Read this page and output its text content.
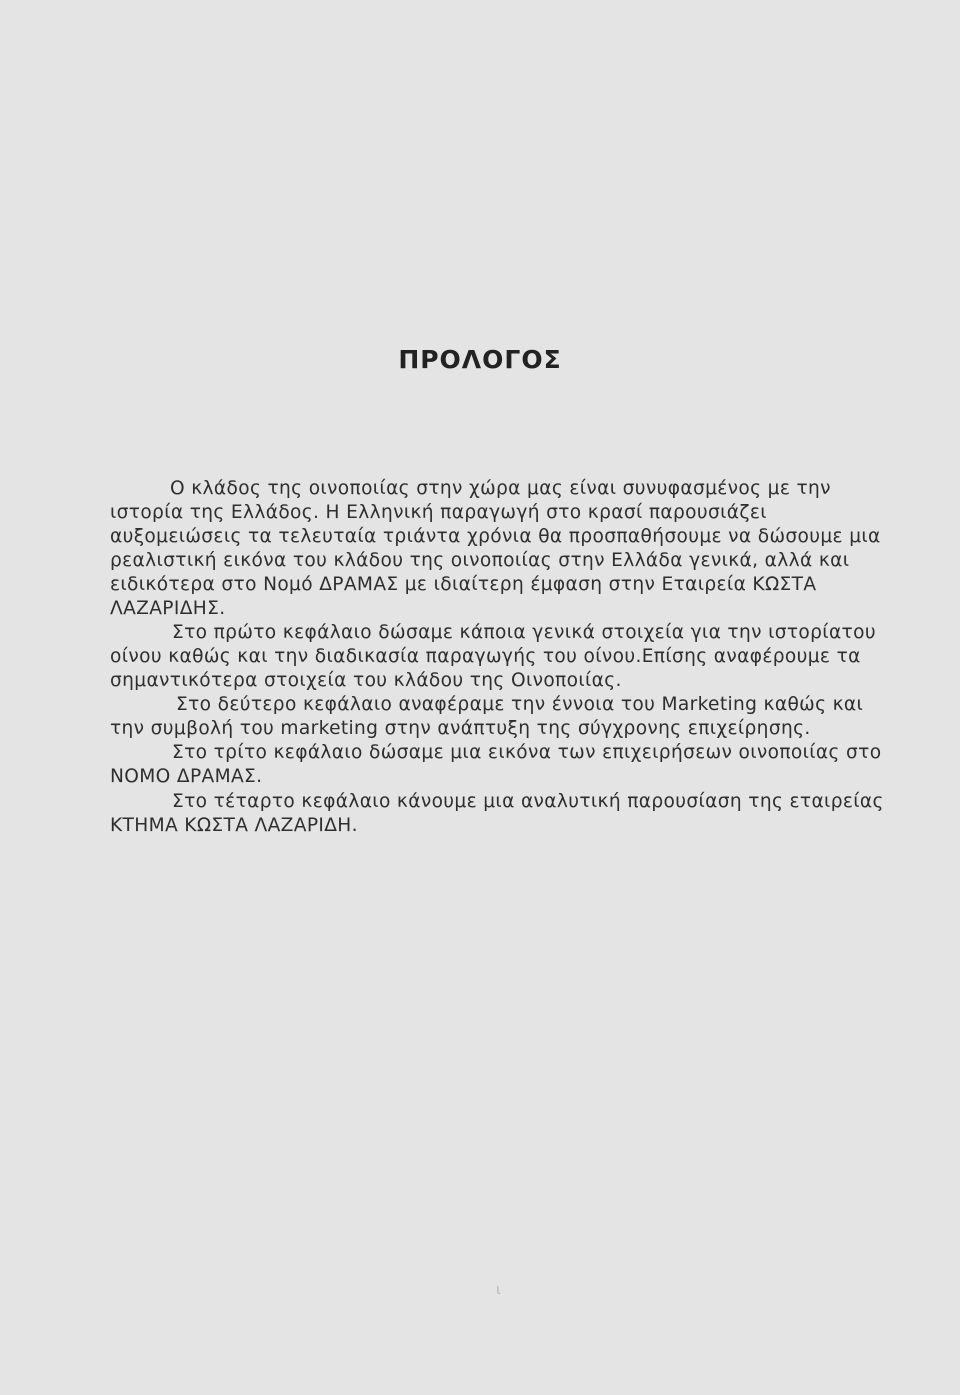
ΠΡΟΛΟΓΟΣ
Ο κλάδος της οινοποιίας στην χώρα μας είναι συνυφασμένος με την
ιστορία της Ελλάδος. Η Ελληνική παραγωγή στο κρασί παρουσιάζει
αυξομειώσεις τα τελευταία τριάντα χρόνια θα προσπαθήσουμε να δώσουμε μια
ρεαλιστική εικόνα του κλάδου της οινοποιίας στην Ελλάδα γενικά, αλλά και
ειδικότερα στο Νομό ΔΡΑΜΑΣ με ιδιαίτερη έμφαση στην Εταιρεία ΚΩΣΤΑ
ΛΑΖΑΡΙΔΗΣ.
Στο πρώτο κεφάλαιο δώσαμε κάποια γενικά στοιχεία για την ιστορίατου
οίνου καθώς και την διαδικασία παραγωγής του οίνου.Επίσης αναφέρουμε τα
σημαντικότερα στοιχεία του κλάδου της Οινοποιίας.
Στο δεύτερο κεφάλαιο αναφέραμε την έννοια του Marketing καθώς και
την συμβολή του marketing στην ανάπτυξη της σύγχρονης επιχείρησης.
Στο τρίτο κεφάλαιο δώσαμε μια εικόνα των επιχειρήσεων οινοποιίας στο
ΝΟΜΟ ΔΡΑΜΑΣ.
Στο τέταρτο κεφάλαιο κάνουμε μια αναλυτική παρουσίαση της εταιρείας
ΚΤΗΜΑ ΚΩΣΤΑ ΛΑΖΑΡΙΔΗ.
ι
